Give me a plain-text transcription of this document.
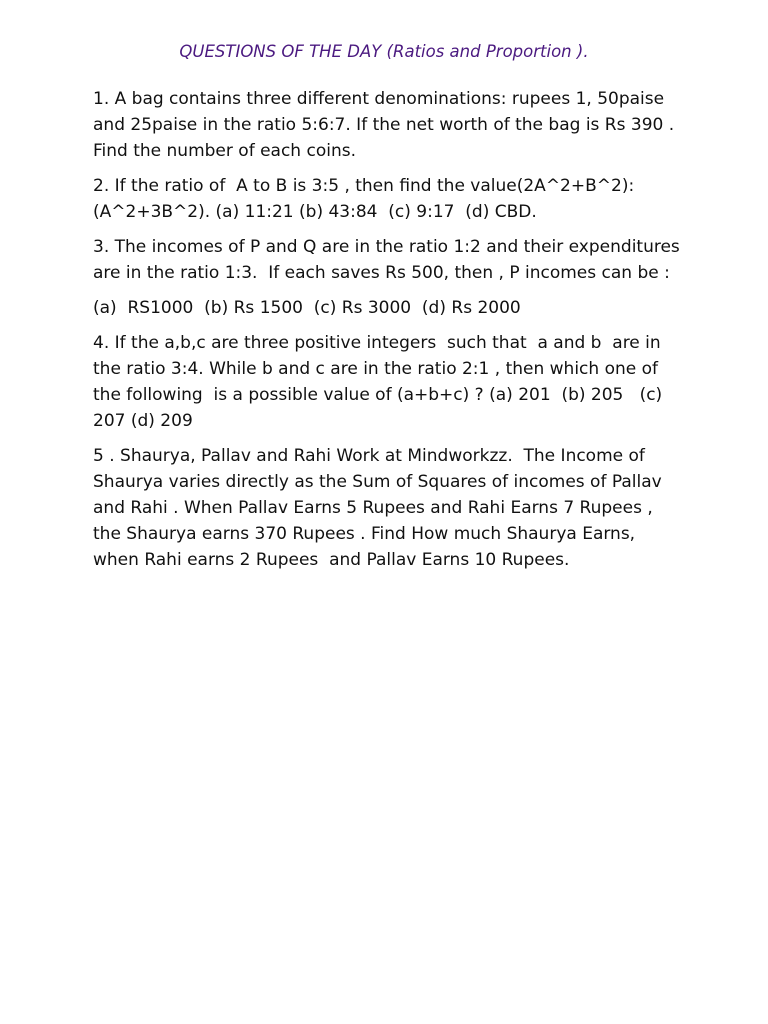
QUESTIONS OF THE DAY (Ratios and Proportion ).

1. A bag contains three different denominations: rupees 1, 50paise and 25paise in the ratio 5:6:7. If the net worth of the bag is Rs 390 . Find the number of each coins.

2. If the ratio of  A to B is 3:5 , then find the value(2A^2+B^2):(A^2+3B^2). (a) 11:21 (b) 43:84  (c) 9:17  (d) CBD.

3. The incomes of P and Q are in the ratio 1:2 and their expenditures are in the ratio 1:3.  If each saves Rs 500, then , P incomes can be :

(a)  RS1000  (b) Rs 1500  (c) Rs 3000  (d) Rs 2000

4. If the a,b,c are three positive integers  such that  a and b  are in the ratio 3:4. While b and c are in the ratio 2:1 , then which one of the following  is a possible value of (a+b+c) ? (a) 201  (b) 205   (c)  207 (d) 209

5 . Shaurya, Pallav and Rahi Work at Mindworkzz.  The Income of Shaurya varies directly as the Sum of Squares of incomes of Pallav and Rahi . When Pallav Earns 5 Rupees and Rahi Earns 7 Rupees , the Shaurya earns 370 Rupees . Find How much Shaurya Earns, when Rahi earns 2 Rupees  and Pallav Earns 10 Rupees.
